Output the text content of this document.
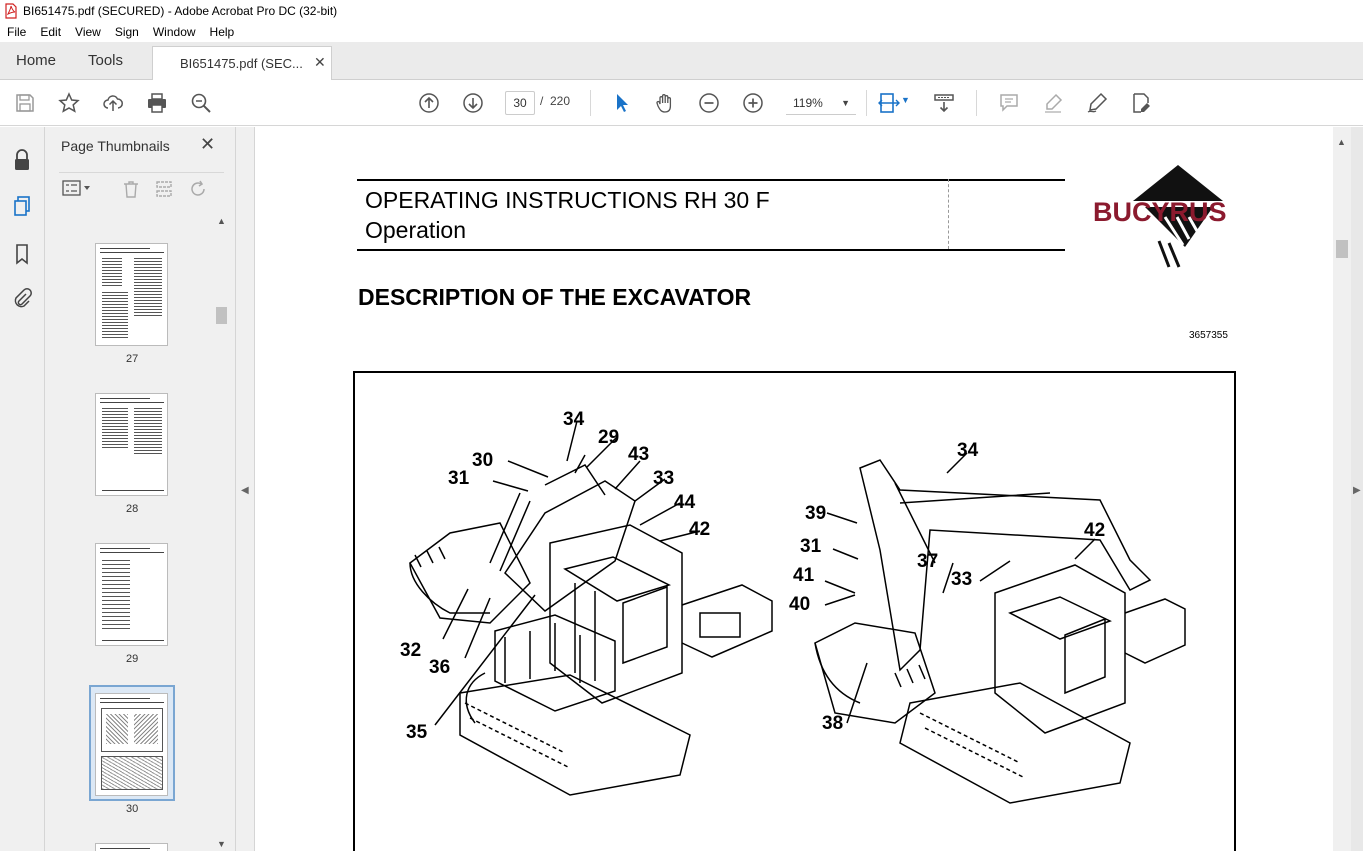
BI651475.pdf (SECURED) - Adobe Acrobat Pro DC (32-bit)
File Edit View Sign Window Help
Home Tools	BI651475.pdf (SEC... ✕
30	/ 220	119% ▼	▼
Page Thumbnails ✕
27
28
29
30
▲
▼
◀
OPERATING INSTRUCTIONS RH 30 F
Operation
BUCYRUS
DESCRIPTION OF THE EXCAVATOR
3657355
34
29
30	43
31	33
44
42
32
36
35
34
39
42
31
37
41	33
40
38
▲
▶
